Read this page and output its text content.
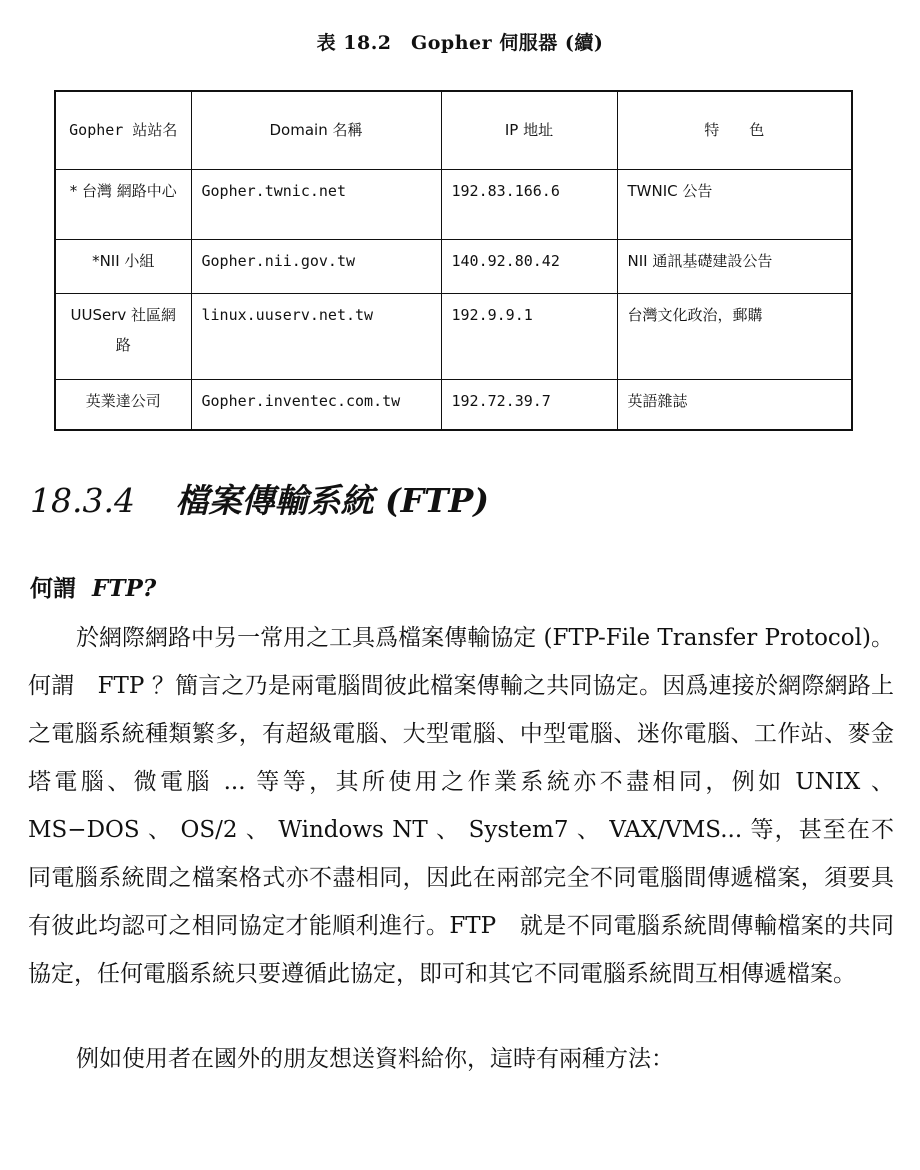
表 18.2　Gopher 伺服器 (續)
Gopher 站站名	Domain 名稱	IP 地址	特　　色
* 台灣 網路中心	Gopher.twnic.net	192.83.166.6	TWNIC 公告
*NII 小組	Gopher.nii.gov.tw	140.92.80.42	NII 通訊基礎建設公告
UUServ 社區網路	linux.uuserv.net.tw	192.9.9.1	台灣文化政治，郵購
英業達公司	Gopher.inventec.com.tw	192.72.39.7	英語雜誌
18.3.4 檔案傳輸系統 (FTP)
何謂 FTP?

於網際網路中另一常用之工具爲檔案傳輸協定 (FTP-File Transfer Protocol)。何謂　FTP ？簡言之乃是兩電腦間彼此檔案傳輸之共同協定。因爲連接於網際網路上之電腦系統種類繁多，有超級電腦、大型電腦、中型電腦、迷你電腦、工作站、麥金塔電腦、微電腦 ... 等等，其所使用之作業系統亦不盡相同，例如 UNIX 、 MS−DOS 、 OS/2 、 Windows NT 、 System7 、 VAX/VMS... 等，甚至在不同電腦系統間之檔案格式亦不盡相同，因此在兩部完全不同電腦間傳遞檔案，須要具有彼此均認可之相同協定才能順利進行。FTP　就是不同電腦系統間傳輸檔案的共同協定，任何電腦系統只要遵循此協定，即可和其它不同電腦系統間互相傳遞檔案。

例如使用者在國外的朋友想送資料給你，這時有兩種方法：
